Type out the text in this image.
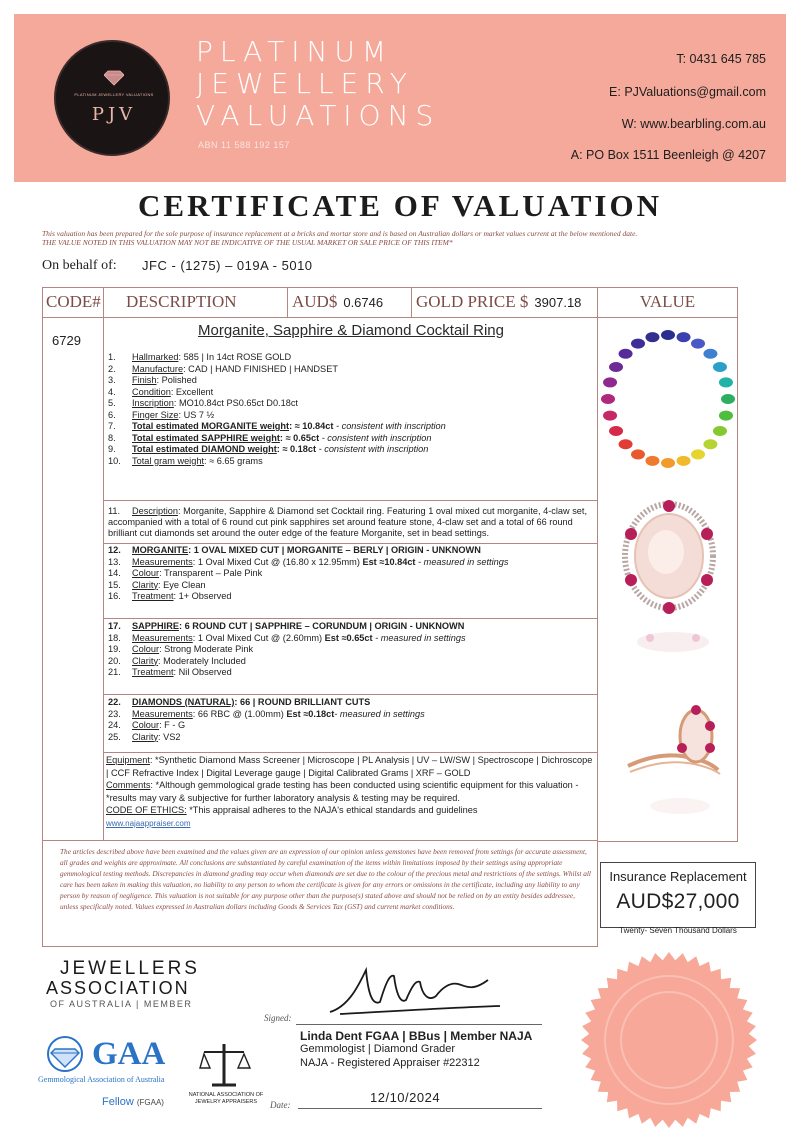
PLATINUM JEWELLERY VALUATIONS
PJV
PLATINUM
JEWELLERY
VALUATIONS
ABN 11 588 192 157
T: 0431 645 785
E: PJValuations@gmail.com
W: www.bearbling.com.au
A: PO Box 1511 Beenleigh @ 4207
CERTIFICATE OF VALUATION
This valuation has been prepared for the sole purpose of insurance replacement at a bricks and mortar store and is based on Australian dollars or market values current at the below mentioned date.
THE VALUE NOTED IN THIS VALUATION MAY NOT BE INDICATIVE OF THE USUAL MARKET OR SALE PRICE OF THIS ITEM*
On behalf of: JFC - (1275) – 019A - 5010
CODE#	DESCRIPTION	AUD$ 0.6746	GOLD PRICE $ 3907.18	VALUE
6729
Morganite, Sapphire & Diamond Cocktail Ring
1. Hallmarked: 585 | In 14ct ROSE GOLD
2. Manufacture: CAD | HAND FINISHED | HANDSET
3. Finish: Polished
4. Condition: Excellent
5. Inscription: MO10.84ct PS0.65ct D0.18ct
6. Finger Size: US 7 ½
7. Total estimated MORGANITE weight: ≈ 10.84ct - consistent with inscription
8. Total estimated SAPPHIRE weight: ≈ 0.65ct - consistent with inscription
9. Total estimated DIAMOND weight: ≈ 0.18ct - consistent with inscription
10. Total gram weight: ≈ 6.65 grams
11. Description: Morganite, Sapphire & Diamond set Cocktail ring. Featuring 1 oval mixed cut morganite, 4-claw set, accompanied with a total of 6 round cut pink sapphires set around feature stone, 4-claw set and a total of 66 round brilliant cut diamonds set around the outer edge of the feature Morganite, set in bead settings.
12. MORGANITE: 1 OVAL MIXED CUT | MORGANITE – BERLY | ORIGIN - UNKNOWN
13. Measurements: 1 Oval Mixed Cut @ (16.80 x 12.95mm) Est ≈10.84ct - measured in settings
14. Colour: Transparent – Pale Pink
15. Clarity: Eye Clean
16. Treatment: 1+ Observed
17. SAPPHIRE: 6 ROUND CUT | SAPPHIRE – CORUNDUM | ORIGIN - UNKNOWN
18. Measurements: 1 Oval Mixed Cut @ (2.60mm) Est ≈0.65ct - measured in settings
19. Colour: Strong Moderate Pink
20. Clarity: Moderately Included
21. Treatment: Nil Observed
22. DIAMONDS (NATURAL): 66 | ROUND BRILLIANT CUTS
23. Measurements: 66 RBC @ (1.00mm) Est ≈0.18ct- measured in settings
24. Colour: F - G
25. Clarity: VS2
Equipment: *Synthetic Diamond Mass Screener | Microscope | PL Analysis | UV – LW/SW | Spectroscope | Dichroscope | CCF Refractive Index | Digital Leverage gauge | Digital Calibrated Grams | XRF – GOLD
Comments: *Although gemmological grade testing has been conducted using scientific equipment for this valuation - *results may vary & subjective for further laboratory analysis & testing may be required.
CODE OF ETHICS: *This appraisal adheres to the NAJA's ethical standards and guidelines
www.najaappraiser.com
The articles described above have been examined and the values given are an expression of our opinion unless gemstones have been removed from settings for accurate assessment, all grades and weights are approximate. All conclusions are substantiated by careful examination of the items within limitations imposed by their settings using appropriate gemmological testing methods. Discrepancies in diamond grading may occur when diamonds are set due to the colour of the precious metal and restrictions of the settings. Whilst all care has been taken in making this valuation, no liability to any person to whom the certificate is given for any errors or omissions in the certificate, including any liability to any person by reason of negligence. This valuation is not suitable for any purpose other than the purpose(s) stated above and should not be relied on by an entity besides addressee, unless specifically noted. Values expressed in Australian dollars including Goods & Services Tax (GST) and current market conditions.
Insurance Replacement
AUD$27,000
Twenty- Seven Thousand Dollars
JEWELLERS
ASSOCIATION
OF AUSTRALIA | MEMBER
GAA
Gemmological Association of Australia
Fellow (FGAA)
NATIONAL ASSOCIATION OF JEWELRY APPRAISERS
Signed:
Linda Dent FGAA | BBus | Member NAJA
Gemmologist | Diamond Grader
NAJA - Registered Appraiser #22312
Date:	12/10/2024
